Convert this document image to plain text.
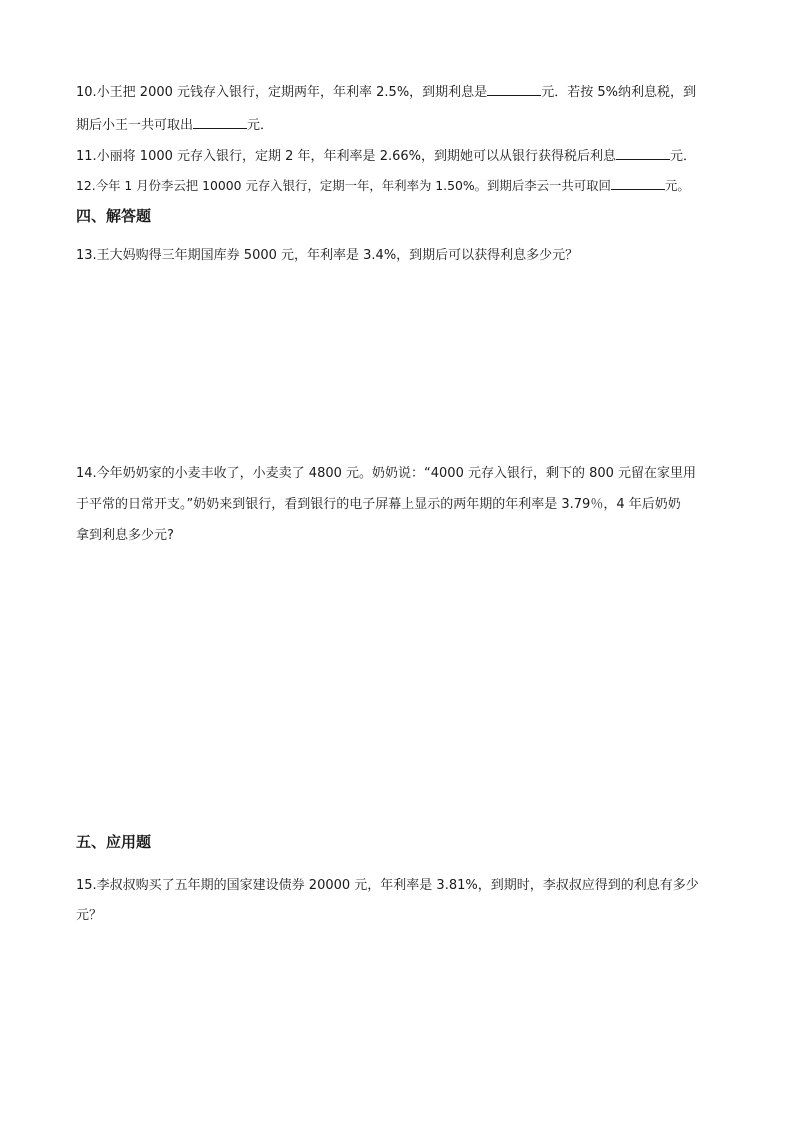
10.小王把 2000 元钱存入银行，定期两年，年利率 2.5%，到期利息是	元．若按 5%纳利息税，到
期后小王一共可取出	元．
11.小丽将 1000 元存入银行，定期 2 年，年利率是 2.66%，到期她可以从银行获得税后利息	元．
12.今年 1 月份李云把 10000 元存入银行，定期一年，年利率为 1.50%。到期后李云一共可取回	元。
四、解答题
13.王大妈购得三年期国库券 5000 元，年利率是 3.4%，到期后可以获得利息多少元？
14.今年奶奶家的小麦丰收了，小麦卖了 4800 元。奶奶说：“4000 元存入银行，剩下的 800 元留在家里用
于平常的日常开支。”奶奶来到银行，看到银行的电子屏幕上显示的两年期的年利率是 3.79％，4 年后奶奶
拿到利息多少元?
五、应用题
15.李叔叔购买了五年期的国家建设债券 20000 元，年利率是 3.81%，到期时，李叔叔应得到的利息有多少
元？
